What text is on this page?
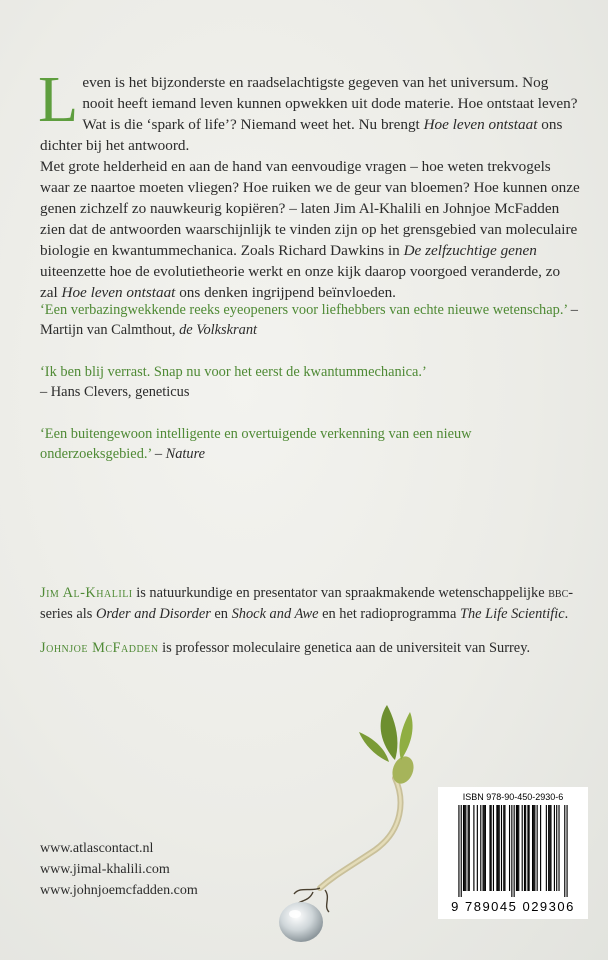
Leven is het bijzonderste en raadselachtigste gegeven van het universum. Nog nooit heeft iemand leven kunnen opwekken uit dode materie. Hoe ontstaat leven? Wat is die ‘spark of life’? Niemand weet het. Nu brengt Hoe leven ontstaat ons dichter bij het antwoord.

Met grote helderheid en aan de hand van eenvoudige vragen – hoe weten trekvogels waar ze naartoe moeten vliegen? Hoe ruiken we de geur van bloemen? Hoe kunnen onze genen zichzelf zo nauwkeurig kopiëren? – laten Jim Al-Khalili en Johnjoe McFadden zien dat de antwoorden waarschijnlijk te vinden zijn op het grensgebied van moleculaire biologie en kwantummechanica. Zoals Richard Dawkins in De zelfzuchtige genen uiteenzette hoe de evolutietheorie werkt en onze kijk daarop voorgoed veranderde, zo zal Hoe leven ontstaat ons denken ingrijpend beïnvloeden.

‘Een verbazingwekkende reeks eyeopeners voor liefhebbers van echte nieuwe wetenschap.’ – Martijn van Calmthout, de Volkskrant

‘Ik ben blij verrast. Snap nu voor het eerst de kwantummechanica.’
– Hans Clevers, geneticus

‘Een buitengewoon intelligente en overtuigende verkenning van een nieuw onderzoeksgebied.’ – Nature

Jim Al-Khalili is natuurkundige en presentator van spraakmakende wetenschappelijke bbc-series als Order and Disorder en Shock and Awe en het radioprogramma The Life Scientific.

Johnjoe McFadden is professor moleculaire genetica aan de universiteit van Surrey.

www.atlascontact.nl
www.jimal-khalili.com
www.johnjoemcfadden.com
ISBN 978-90-450-2930-6
9 789045 029306
